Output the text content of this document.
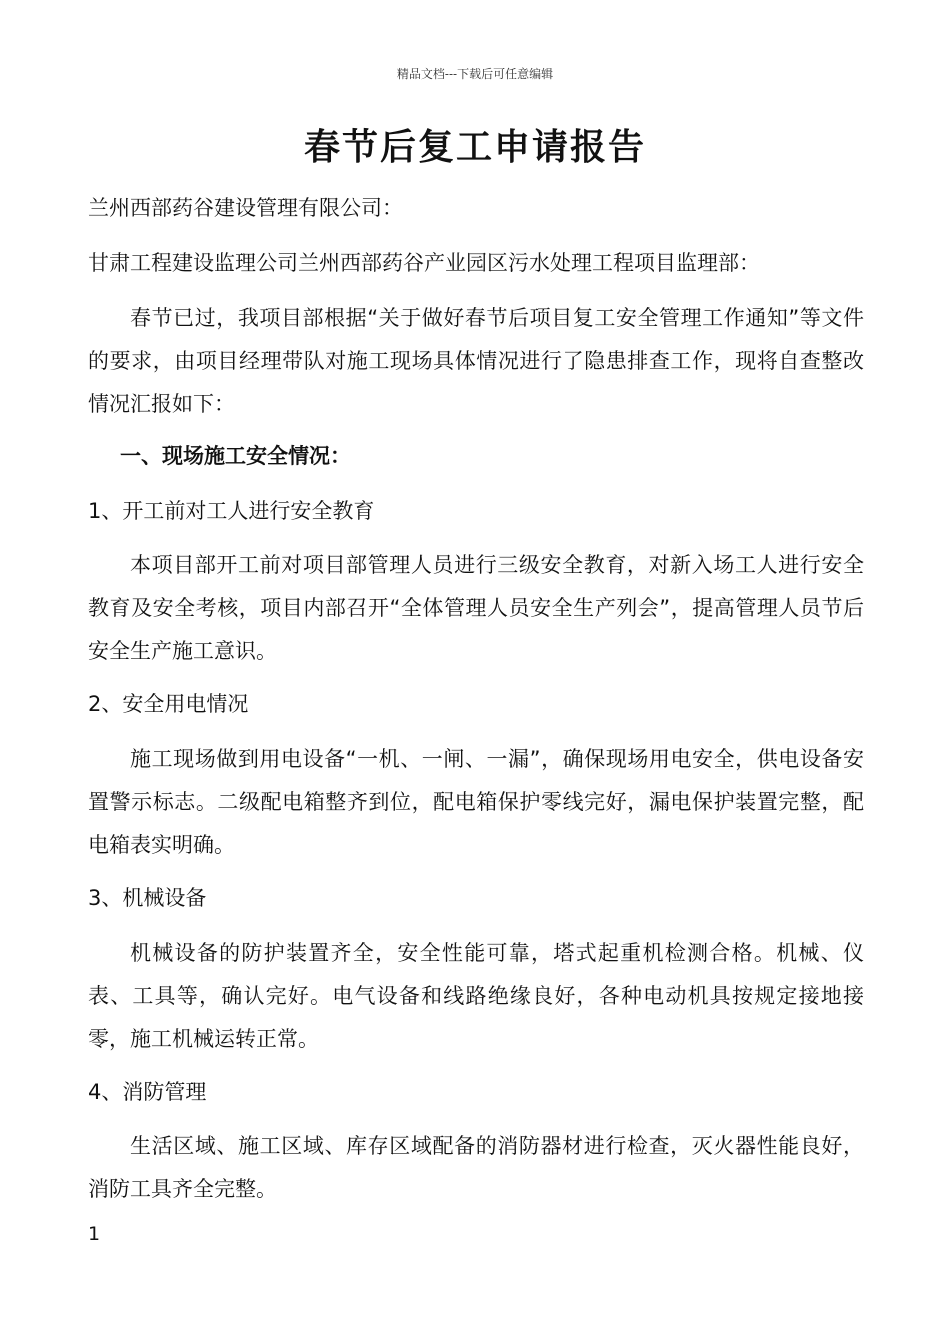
精品文档---下载后可任意编辑
春节后复工申请报告
兰州西部药谷建设管理有限公司：
甘肃工程建设监理公司兰州西部药谷产业园区污水处理工程项目监理部：

春节已过，我项目部根据“关于做好春节后项目复工安全管理工作通知”等文件的要求，由项目经理带队对施工现场具体情况进行了隐患排查工作，现将自查整改情况汇报如下：

一、现场施工安全情况：
1、开工前对工人进行安全教育

本项目部开工前对项目部管理人员进行三级安全教育，对新入场工人进行安全教育及安全考核，项目内部召开“全体管理人员安全生产列会”，提高管理人员节后安全生产施工意识。

2、安全用电情况

施工现场做到用电设备“一机、一闸、一漏”，确保现场用电安全，供电设备安置警示标志。二级配电箱整齐到位，配电箱保护零线完好，漏电保护装置完整，配电箱表实明确。

3、机械设备

机械设备的防护装置齐全，安全性能可靠，塔式起重机检测合格。机械、仪表、工具等，确认完好。电气设备和线路绝缘良好，各种电动机具按规定接地接零，施工机械运转正常。

4、消防管理

生活区域、施工区域、库存区域配备的消防器材进行检查，灭火器性能良好，消防工具齐全完整。

1
